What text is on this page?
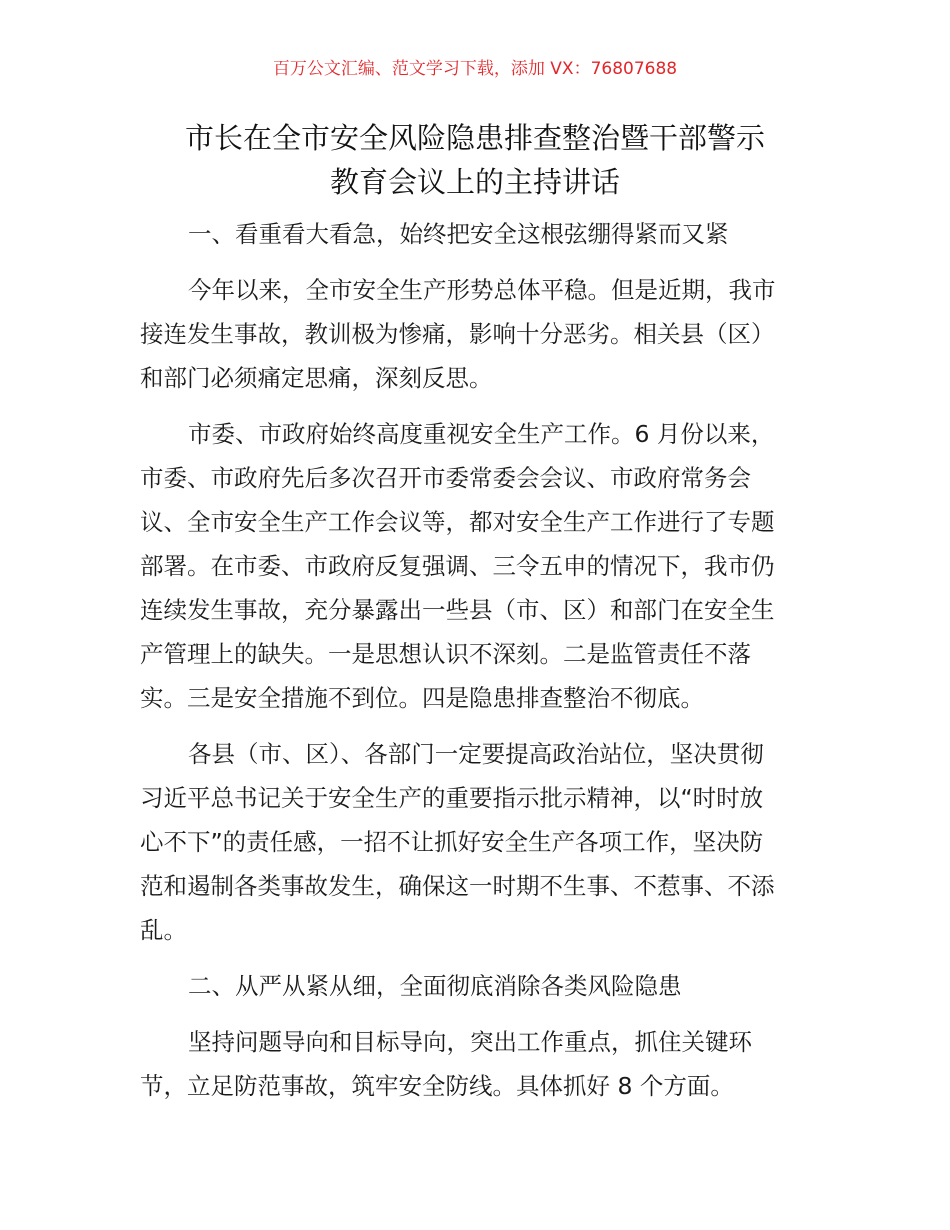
百万公文汇编、范文学习下载，添加 VX：76807688
市长在全市安全风险隐患排查整治暨干部警示
教育会议上的主持讲话
一、看重看大看急，始终把安全这根弦绷得紧而又紧
今年以来，全市安全生产形势总体平稳。但是近期，我市
接连发生事故，教训极为惨痛，影响十分恶劣。相关县（区）
和部门必须痛定思痛，深刻反思。
市委、市政府始终高度重视安全生产工作。6 月份以来，
市委、市政府先后多次召开市委常委会会议、市政府常务会
议、全市安全生产工作会议等，都对安全生产工作进行了专题
部署。在市委、市政府反复强调、三令五申的情况下，我市仍
连续发生事故，充分暴露出一些县（市、区）和部门在安全生
产管理上的缺失。一是思想认识不深刻。二是监管责任不落
实。三是安全措施不到位。四是隐患排查整治不彻底。
各县（市、区）、各部门一定要提高政治站位，坚决贯彻
习近平总书记关于安全生产的重要指示批示精神，以“时时放
心不下”的责任感，一招不让抓好安全生产各项工作，坚决防
范和遏制各类事故发生，确保这一时期不生事、不惹事、不添
乱。
二、从严从紧从细，全面彻底消除各类风险隐患
坚持问题导向和目标导向，突出工作重点，抓住关键环
节，立足防范事故，筑牢安全防线。具体抓好 8 个方面。
